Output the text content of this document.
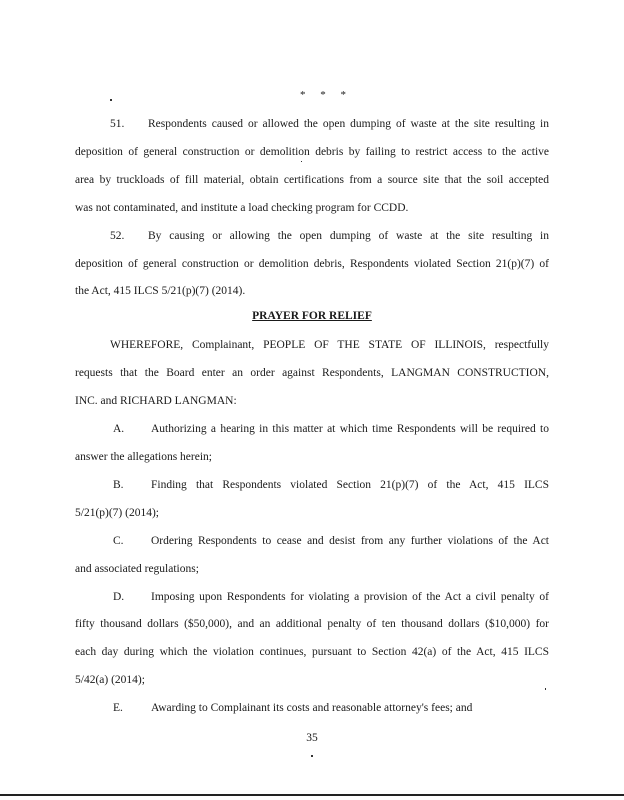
* * *
51. Respondents caused or allowed the open dumping of waste at the site resulting in
deposition of general construction or demolition debris by failing to restrict access to the active
area by truckloads of fill material, obtain certifications from a source site that the soil accepted
was not contaminated, and institute a load checking program for CCDD.
52. By causing or allowing the open dumping of waste at the site resulting in
deposition of general construction or demolition debris, Respondents violated Section 21(p)(7) of
the Act, 415 ILCS 5/21(p)(7) (2014).
PRAYER FOR RELIEF
WHEREFORE, Complainant, PEOPLE OF THE STATE OF ILLINOIS, respectfully
requests that the Board enter an order against Respondents, LANGMAN CONSTRUCTION,
INC. and RICHARD LANGMAN:
A. Authorizing a hearing in this matter at which time Respondents will be required to
answer the allegations herein;
B. Finding that Respondents violated Section 21(p)(7) of the Act, 415 ILCS
5/21(p)(7) (2014);
C. Ordering Respondents to cease and desist from any further violations of the Act
and associated regulations;
D. Imposing upon Respondents for violating a provision of the Act a civil penalty of
fifty thousand dollars ($50,000), and an additional penalty of ten thousand dollars ($10,000) for
each day during which the violation continues, pursuant to Section 42(a) of the Act, 415 ILCS
5/42(a) (2014);
E. Awarding to Complainant its costs and reasonable attorney's fees; and
35
